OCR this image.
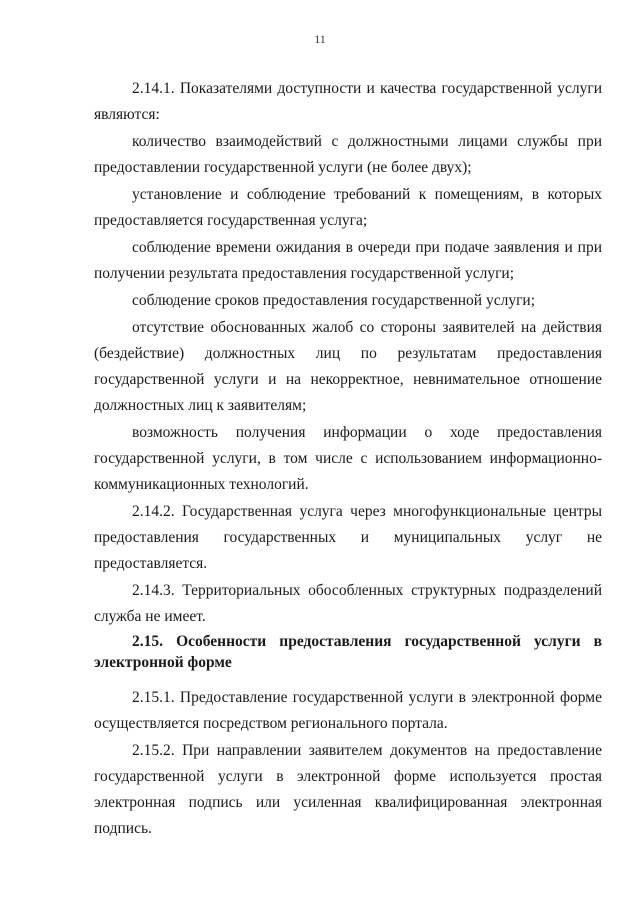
11

2.14.1. Показателями доступности и качества государственной услуги являются:

количество взаимодействий с должностными лицами службы при предоставлении государственной услуги (не более двух);

установление и соблюдение требований к помещениям, в которых предоставляется государственная услуга;

соблюдение времени ожидания в очереди при подаче заявления и при получении результата предоставления государственной услуги;

соблюдение сроков предоставления государственной услуги;

отсутствие обоснованных жалоб со стороны заявителей на действия (бездействие) должностных лиц по результатам предоставления государственной услуги и на некорректное, невнимательное отношение должностных лиц к заявителям;

возможность получения информации о ходе предоставления государственной услуги, в том числе с использованием информационно-коммуникационных технологий.

2.14.2. Государственная услуга через многофункциональные центры предоставления государственных и муниципальных услуг не предоставляется.

2.14.3. Территориальных обособленных структурных подразделений служба не имеет.

2.15. Особенности предоставления государственной услуги в электронной форме

2.15.1. Предоставление государственной услуги в электронной форме осуществляется посредством регионального портала.

2.15.2. При направлении заявителем документов на предоставление государственной услуги в электронной форме используется простая электронная подпись или усиленная квалифицированная электронная подпись.
